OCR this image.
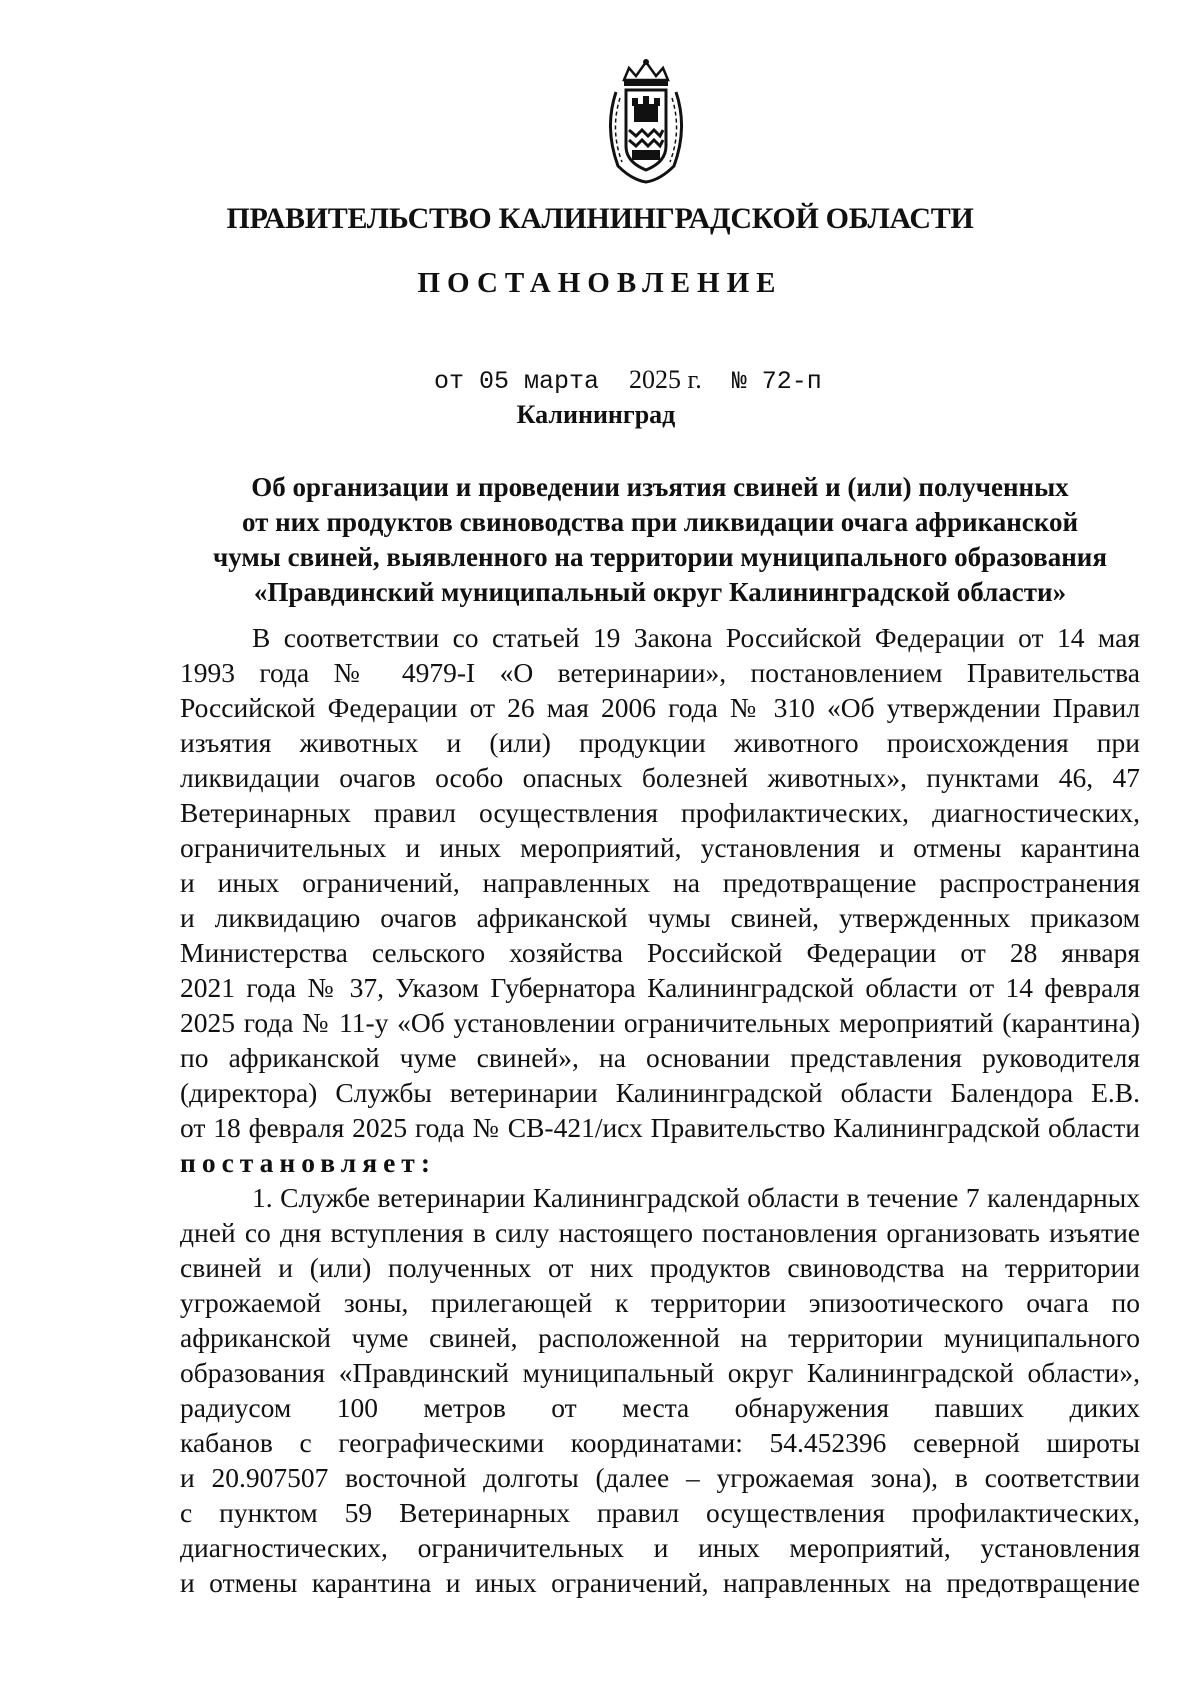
ПРАВИТЕЛЬСТВО КАЛИНИНГРАДСКОЙ ОБЛАСТИ
ПОСТАНОВЛЕНИЕ
от 05 марта 2025 г. № 72-п
Калининград
Об организации и проведении изъятия свиней и (или) полученных
от них продуктов свиноводства при ликвидации очага африканской
чумы свиней, выявленного на территории муниципального образования
«Правдинский муниципальный округ Калининградской области»
В соответствии со статьей 19 Закона Российской Федерации от 14 мая
1993 года № 4979-I «О ветеринарии», постановлением Правительства
Российской Федерации от 26 мая 2006 года № 310 «Об утверждении Правил
изъятия животных и (или) продукции животного происхождения при
ликвидации очагов особо опасных болезней животных», пунктами 46, 47
Ветеринарных правил осуществления профилактических, диагностических,
ограничительных и иных мероприятий, установления и отмены карантина
и иных ограничений, направленных на предотвращение распространения
и ликвидацию очагов африканской чумы свиней, утвержденных приказом
Министерства сельского хозяйства Российской Федерации от 28 января
2021 года № 37, Указом Губернатора Калининградской области от 14 февраля
2025 года № 11-у «Об установлении ограничительных мероприятий (карантина)
по африканской чуме свиней», на основании представления руководителя
(директора) Службы ветеринарии Калининградской области Балендора Е.В.
от 18 февраля 2025 года № СВ-421/исх Правительство Калининградской области
постановляет:
1. Службе ветеринарии Калининградской области в течение 7 календарных
дней со дня вступления в силу настоящего постановления организовать изъятие
свиней и (или) полученных от них продуктов свиноводства на территории
угрожаемой зоны, прилегающей к территории эпизоотического очага по
африканской чуме свиней, расположенной на территории муниципального
образования «Правдинский муниципальный округ Калининградской области»,
радиусом 100 метров от места обнаружения павших диких
кабанов с географическими координатами: 54.452396 северной широты
и 20.907507 восточной долготы (далее – угрожаемая зона), в соответствии
с пунктом 59 Ветеринарных правил осуществления профилактических,
диагностических, ограничительных и иных мероприятий, установления
и отмены карантина и иных ограничений, направленных на предотвращение
